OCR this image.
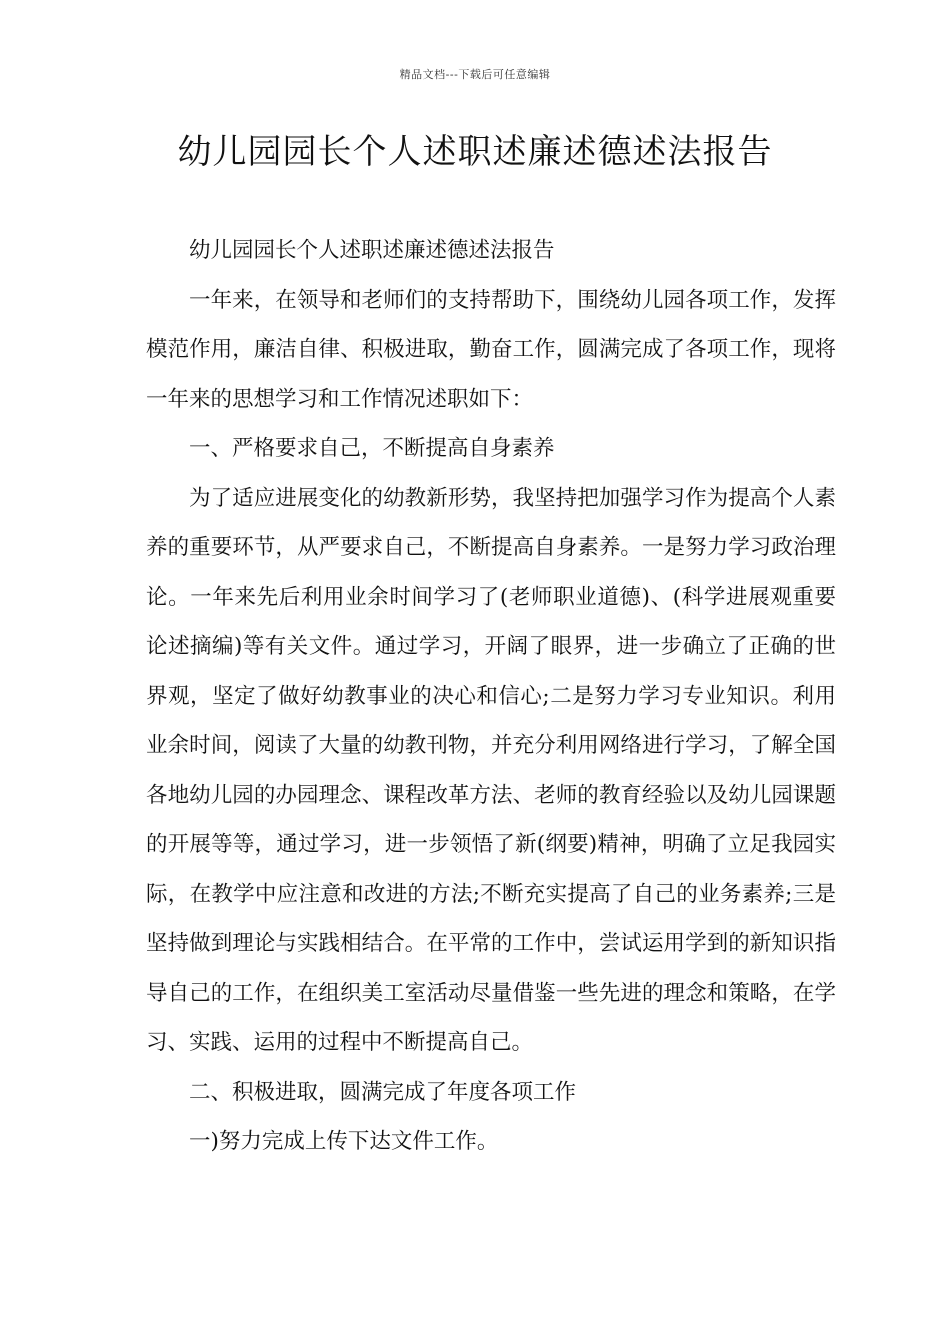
精品文档---下载后可任意编辑
幼儿园园长个人述职述廉述德述法报告

幼儿园园长个人述职述廉述德述法报告

一年来，在领导和老师们的支持帮助下，围绕幼儿园各项工作，发挥模范作用，廉洁自律、积极进取，勤奋工作，圆满完成了各项工作，现将一年来的思想学习和工作情况述职如下：

一、严格要求自己，不断提高自身素养

为了适应进展变化的幼教新形势，我坚持把加强学习作为提高个人素养的重要环节，从严要求自己，不断提高自身素养。一是努力学习政治理论。一年来先后利用业余时间学习了(老师职业道德)、(科学进展观重要论述摘编)等有关文件。通过学习，开阔了眼界，进一步确立了正确的世界观，坚定了做好幼教事业的决心和信心;二是努力学习专业知识。利用业余时间，阅读了大量的幼教刊物，并充分利用网络进行学习，了解全国各地幼儿园的办园理念、课程改革方法、老师的教育经验以及幼儿园课题的开展等等，通过学习，进一步领悟了新(纲要)精神，明确了立足我园实际，在教学中应注意和改进的方法;不断充实提高了自己的业务素养;三是坚持做到理论与实践相结合。在平常的工作中，尝试运用学到的新知识指导自己的工作，在组织美工室活动尽量借鉴一些先进的理念和策略，在学习、实践、运用的过程中不断提高自己。

二、积极进取，圆满完成了年度各项工作

一)努力完成上传下达文件工作。
